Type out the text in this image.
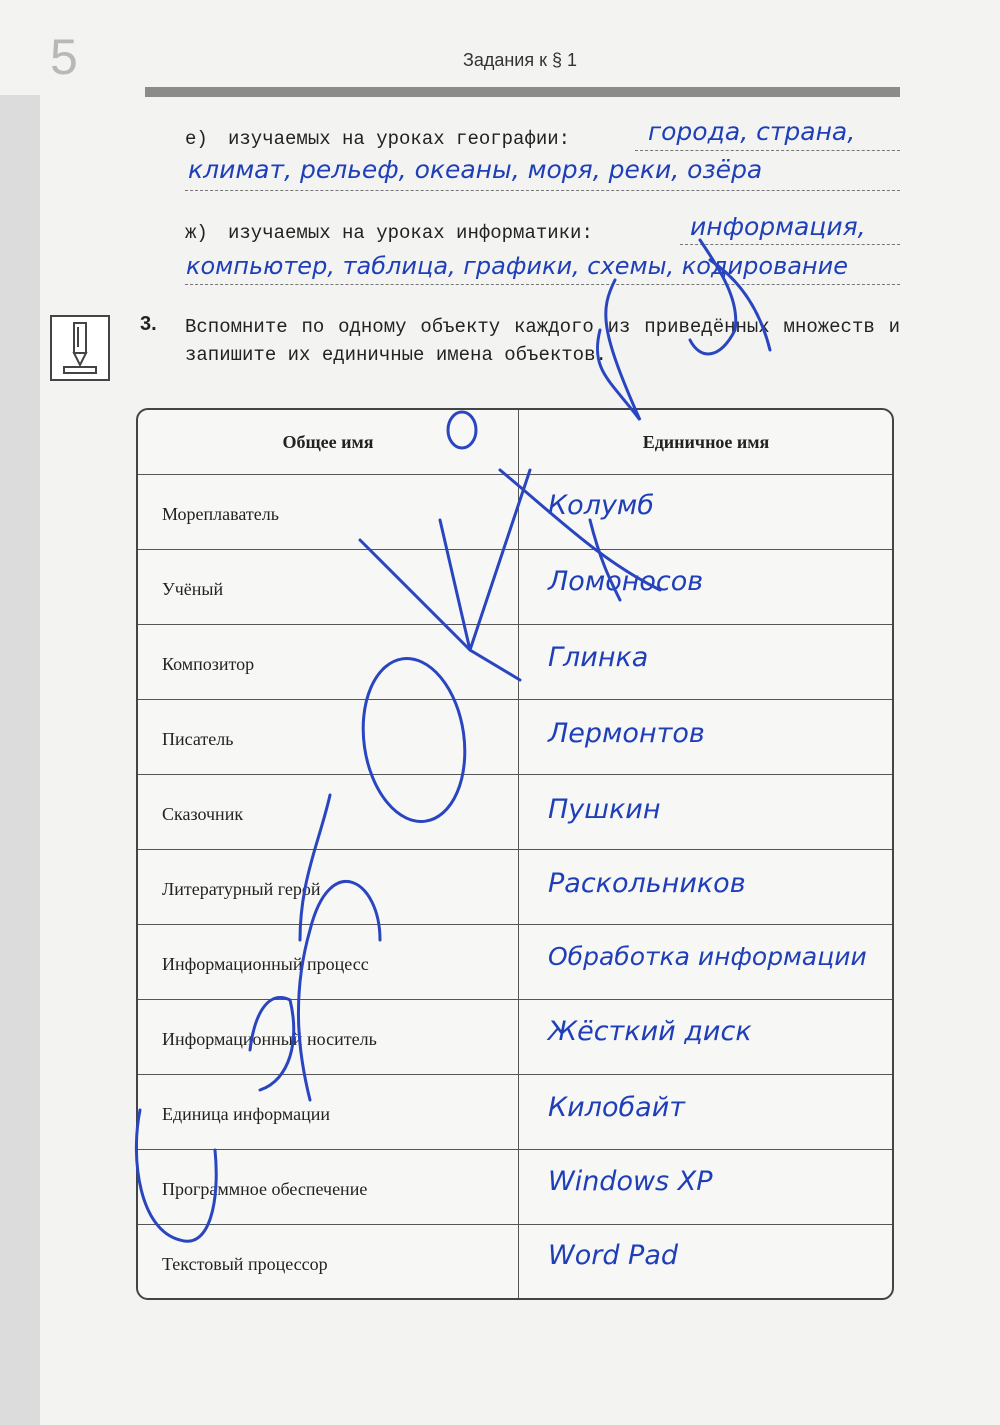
5	Задания к § 1
е) изучаемых на уроках географии:	города, страна,
климат, рельеф, океаны, моря, реки, озёра
ж) изучаемых на уроках информатики:	информация,
компьютер, таблица, графики, схемы, кодирование
3. Вспомните по одному объекту каждого из приведённых множеств и запишите их единичные имена объектов.
Общее имя	Единичное имя
Мореплаватель	Колумб
Учёный	Ломоносов
Композитор	Глинка
Писатель	Лермонтов
Сказочник	Пушкин
Литературный герой	Раскольников
Информационный процесс	Обработка информации
Информационный носитель	Жёсткий диск
Единица информации	Килобайт
Программное обеспечение	Windows XP
Текстовый процессор	Word Pad
